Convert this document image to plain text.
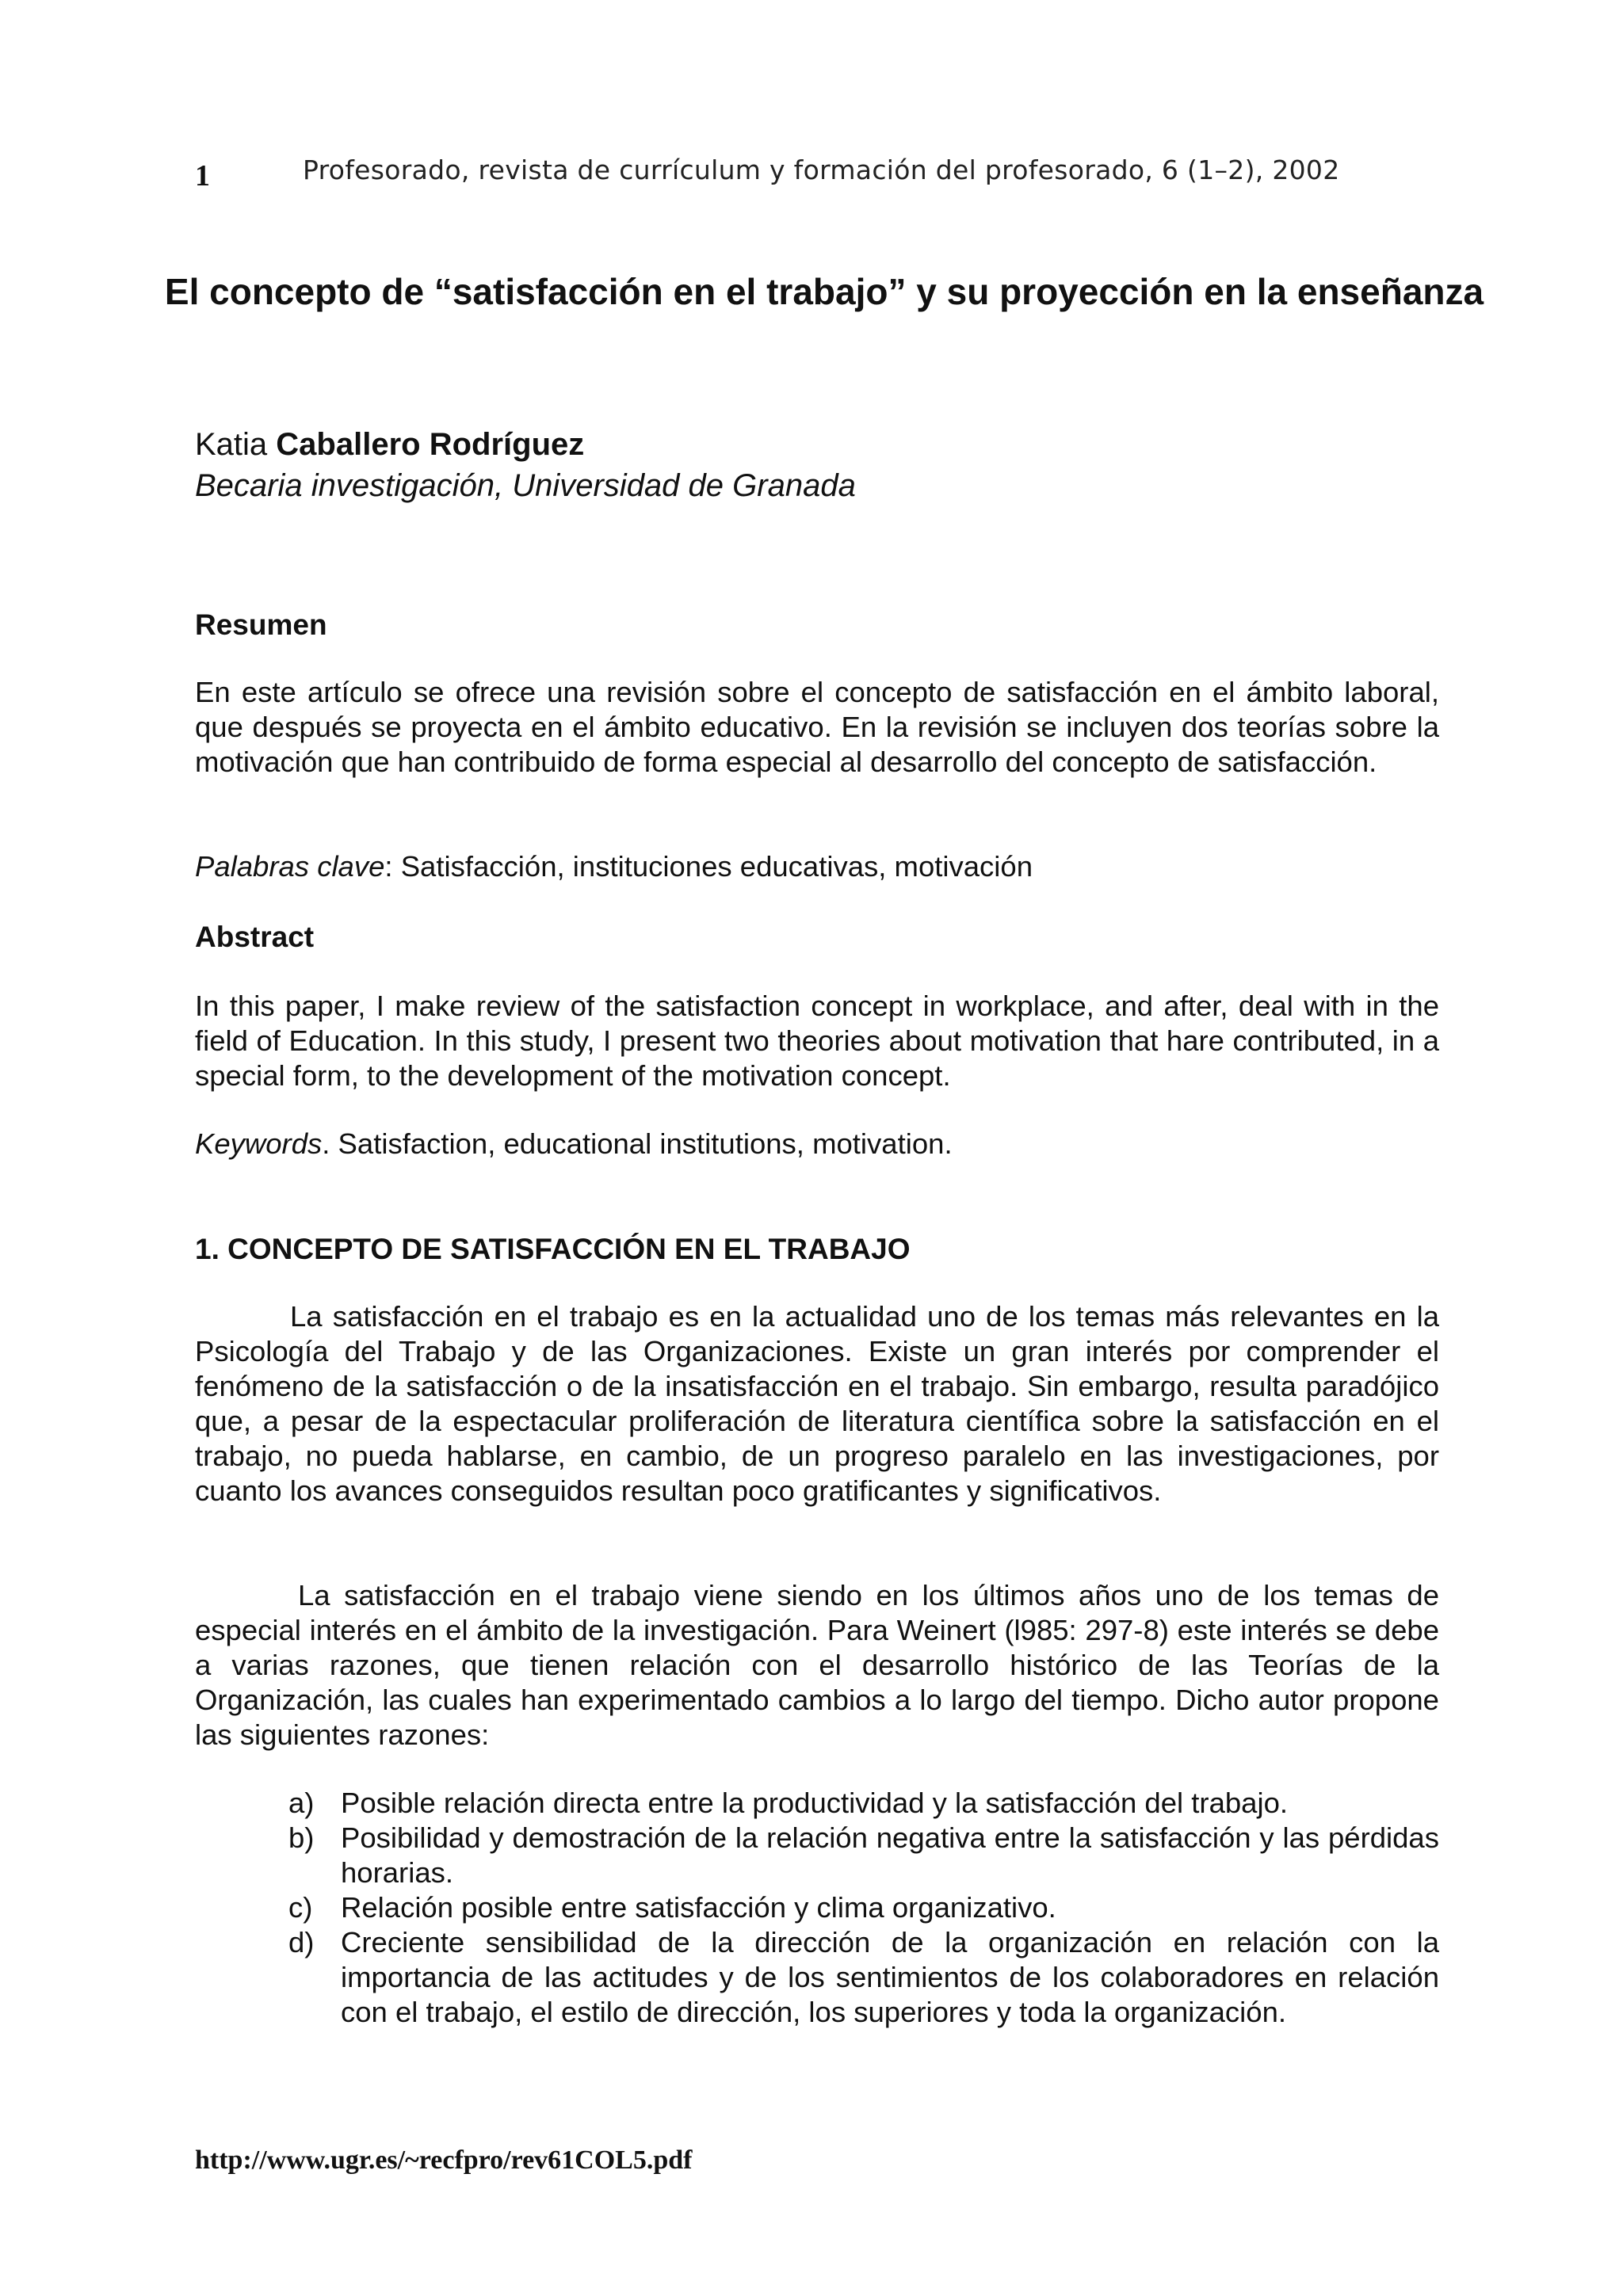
1	Profesorado, revista de currículum y formación del profesorado, 6 (1–2), 2002
El concepto de “satisfacción en el trabajo” y su proyección en la enseñanza
Katia Caballero Rodríguez
Becaria investigación, Universidad de Granada
Resumen

En este artículo se ofrece una revisión sobre el concepto de satisfacción en el ámbito laboral, que después se proyecta en el ámbito educativo. En la revisión se incluyen dos teorías sobre la motivación que han contribuido de forma especial al desarrollo del concepto de satisfacción.

Palabras clave: Satisfacción, instituciones educativas, motivación

Abstract

In this paper, I make review of the satisfaction concept in workplace, and after, deal with in the field of Education. In this study, I present two theories about motivation that hare contributed, in a special form, to the development of the motivation concept.

Keywords. Satisfaction, educational institutions, motivation.

1. CONCEPTO DE SATISFACCIÓN EN EL TRABAJO

La satisfacción en el trabajo es en la actualidad uno de los temas más relevantes en la Psicología del Trabajo y de las Organizaciones. Existe un gran interés por comprender el fenómeno de la satisfacción o de la insatisfacción en el trabajo. Sin embargo, resulta paradójico que, a pesar de la espectacular proliferación de literatura científica sobre la satisfacción en el trabajo, no pueda hablarse, en cambio, de un progreso paralelo en las investigaciones, por cuanto los avances conseguidos resultan poco gratificantes y significativos.

La satisfacción en el trabajo viene siendo en los últimos años uno de los temas de especial interés en el ámbito de la investigación. Para Weinert (l985: 297-8) este interés se debe a varias razones, que tienen relación con el desarrollo histórico de las Teorías de la Organización, las cuales han experimentado cambios a lo largo del tiempo. Dicho autor propone las siguientes razones:

a) Posible relación directa entre la productividad y la satisfacción del trabajo.
b) Posibilidad y demostración de la relación negativa entre la satisfacción y las pérdidas horarias.
c) Relación posible entre satisfacción y clima organizativo.
d) Creciente sensibilidad de la dirección de la organización en relación con la importancia de las actitudes y de los sentimientos de los colaboradores en relación con el trabajo, el estilo de dirección, los superiores y toda la organización.
http://www.ugr.es/~recfpro/rev61COL5.pdf
